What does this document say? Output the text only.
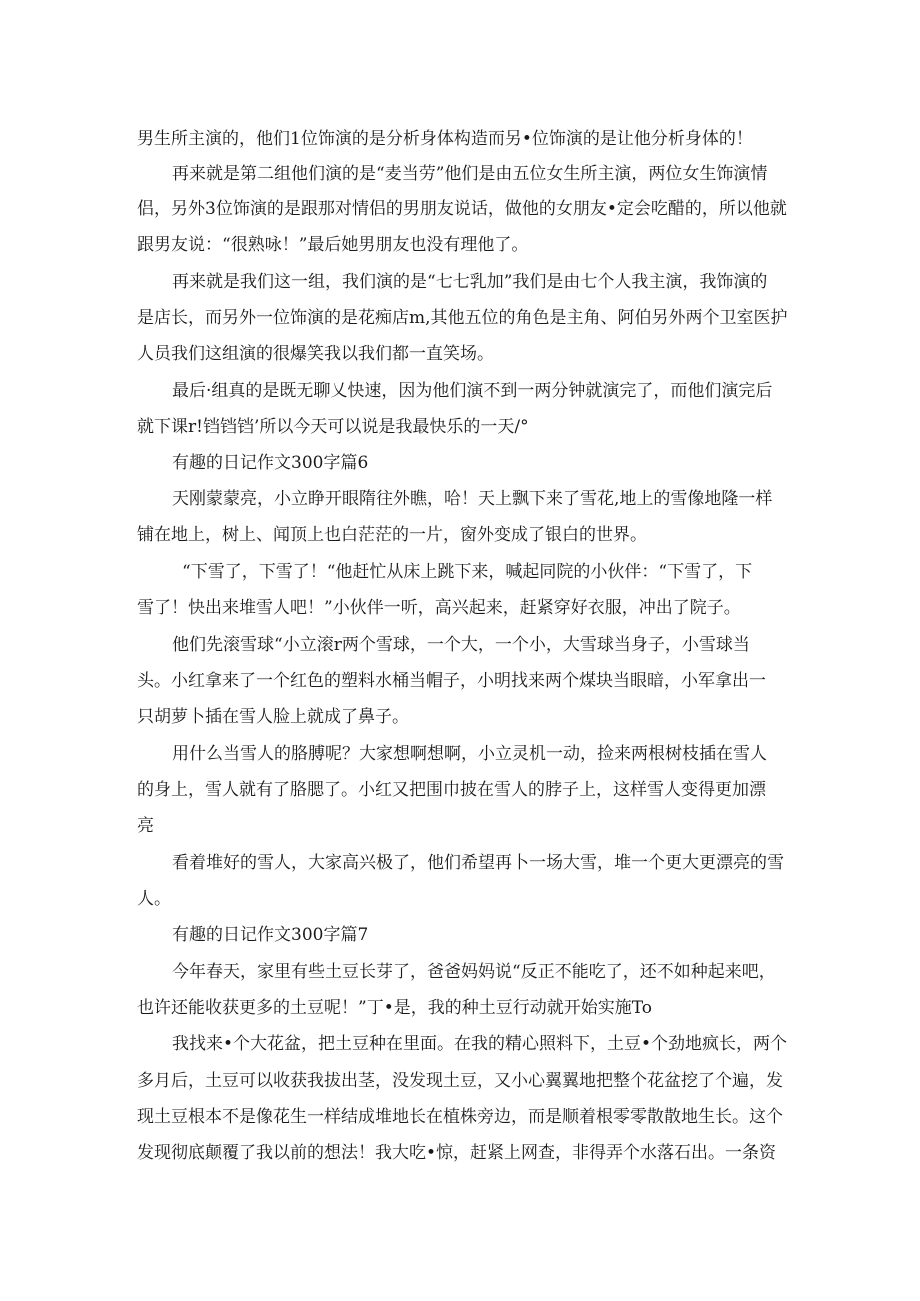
男生所主演的，他们1位饰演的是分析身体构造而另•位饰演的是让他分析身体的！

再来就是第二组他们演的是“麦当劳”他们是由五位女生所主演，两位女生饰演情

侣，另外3位饰演的是跟那对情侣的男朋友说话，做他的女朋友•定会吃醋的，所以他就

跟男友说：“很熟咏！”最后她男朋友也没有理他了。

再来就是我们这一组，我们演的是“七七乳加”我们是由七个人我主演，我饰演的

是店长，而另外一位饰演的是花痴店m,其他五位的角色是主角、阿伯另外两个卫室医护

人员我们这组演的很爆笑我以我们都一直笑场。

最后·组真的是既无聊乂快速，因为他们演不到一两分钟就演完了，而他们演完后

就下课r!铛铛铛’所以今天可以说是我最快乐的一天/°

有趣的日记作文300字篇6

天刚蒙蒙亮，小立睁开眼隋往外瞧，哈！天上飘下来了雪花,地上的雪像地隆一样

铺在地上，树上、闻顶上也白茫茫的一片，窗外变成了银白的世界。

“下雪了，下雪了！“他赶忙从床上跳下来，喊起同院的小伙伴：“下雪了，下

雪了！快出来堆雪人吧！”小伙伴一听，高兴起来，赶紧穿好衣服，冲出了院子。

他们先滚雪球“小立滚r两个雪球，一个大，一个小，大雪球当身子，小雪球当

头。小红拿来了一个红色的塑料水桶当帽子，小明找来两个煤块当眼暗，小军拿出一

只胡萝卜插在雪人脸上就成了鼻子。

用什么当雪人的胳膊呢？大家想啊想啊，小立灵机一动，捡来两根树枝插在雪人

的身上，雪人就有了胳腮了。小红又把围巾披在雪人的脖子上，这样雪人变得更加漂

亮

看着堆好的雪人，大家高兴极了，他们希望再卜一场大雪，堆一个更大更漂亮的雪

人。

有趣的日记作文300字篇7

今年春天，家里有些土豆长芽了，爸爸妈妈说“反正不能吃了，还不如种起来吧，

也许还能收获更多的土豆呢！”丁•是，我的种土豆行动就开始实施To

我找来•个大花盆，把土豆种在里面。在我的精心照料下，土豆•个劲地疯长，两个

多月后，土豆可以收获我拔出茎，没发现土豆，又小心翼翼地把整个花盆挖了个遍，发

现土豆根本不是像花生一样结成堆地长在植株旁边，而是顺着根零零散散地生长。这个

发现彻底颠覆了我以前的想法！我大吃•惊，赶紧上网查，非得弄个水落石出。一条资
